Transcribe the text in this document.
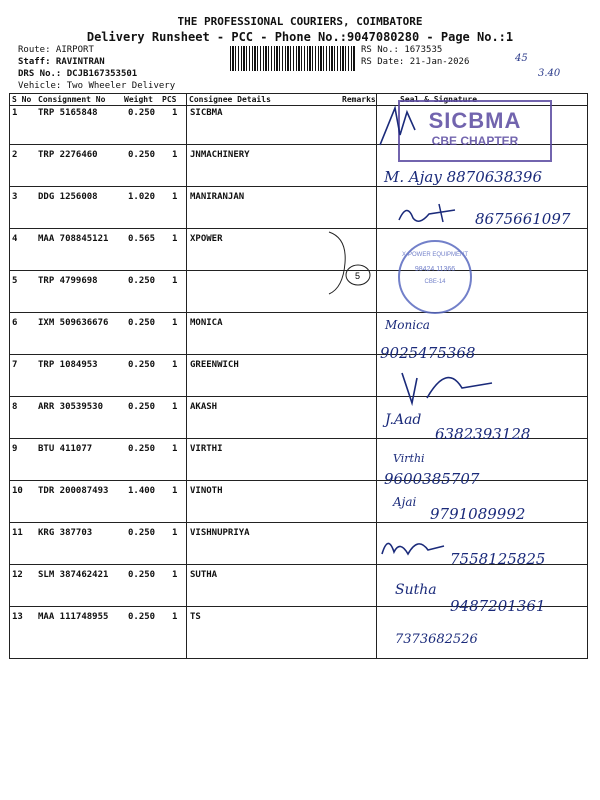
THE PROFESSIONAL COURIERS, COIMBATORE
Delivery Runsheet - PCC - Phone No.:9047080280 - Page No.:1
Route: AIRPORT
Staff: RAVINTRAN
DRS No.: DCJB167353501
Vehicle: Two Wheeler Delivery
RS No.: 1673535
RS Date: 21-Jan-2026	45
3.40
S No Consignment No Weight PCS Consignee Details	Remarks	Seal & Signature
1 TRP 5165848	0.250 1 SICBMA
2 TRP 2276460	0.250 1 JNMACHINERY
3 DDG 1256008	1.020 1 MANIRANJAN
4 MAA 708845121 0.565 1 XPOWER
5 TRP 4799698	0.250 1
6 IXM 509636676 0.250 1 MONICA
7 TRP 1084953	0.250 1 GREENWICH
8 ARR 30539530	0.250 1 AKASH
9 BTU 411077	0.250 1 VIRTHI
10 TDR 200087493 1.400 1 VINOTH
11 KRG 387703	0.250 1 VISHNUPRIYA
12 SLM 387462421 0.250 1 SUTHA
13 MAA 111748955 0.250 1 TS
SICBMA
CBE CHAPTER
X-POWER EQUIPMENT
98424 11366
CBE-14
M. Ajay 8870638396
8675661097
5
Monica
9025475368
J.Aad
6382393128
Virthi
9600385707
Ajai
9791089992
7558125825
Sutha
9487201361
7373682526
